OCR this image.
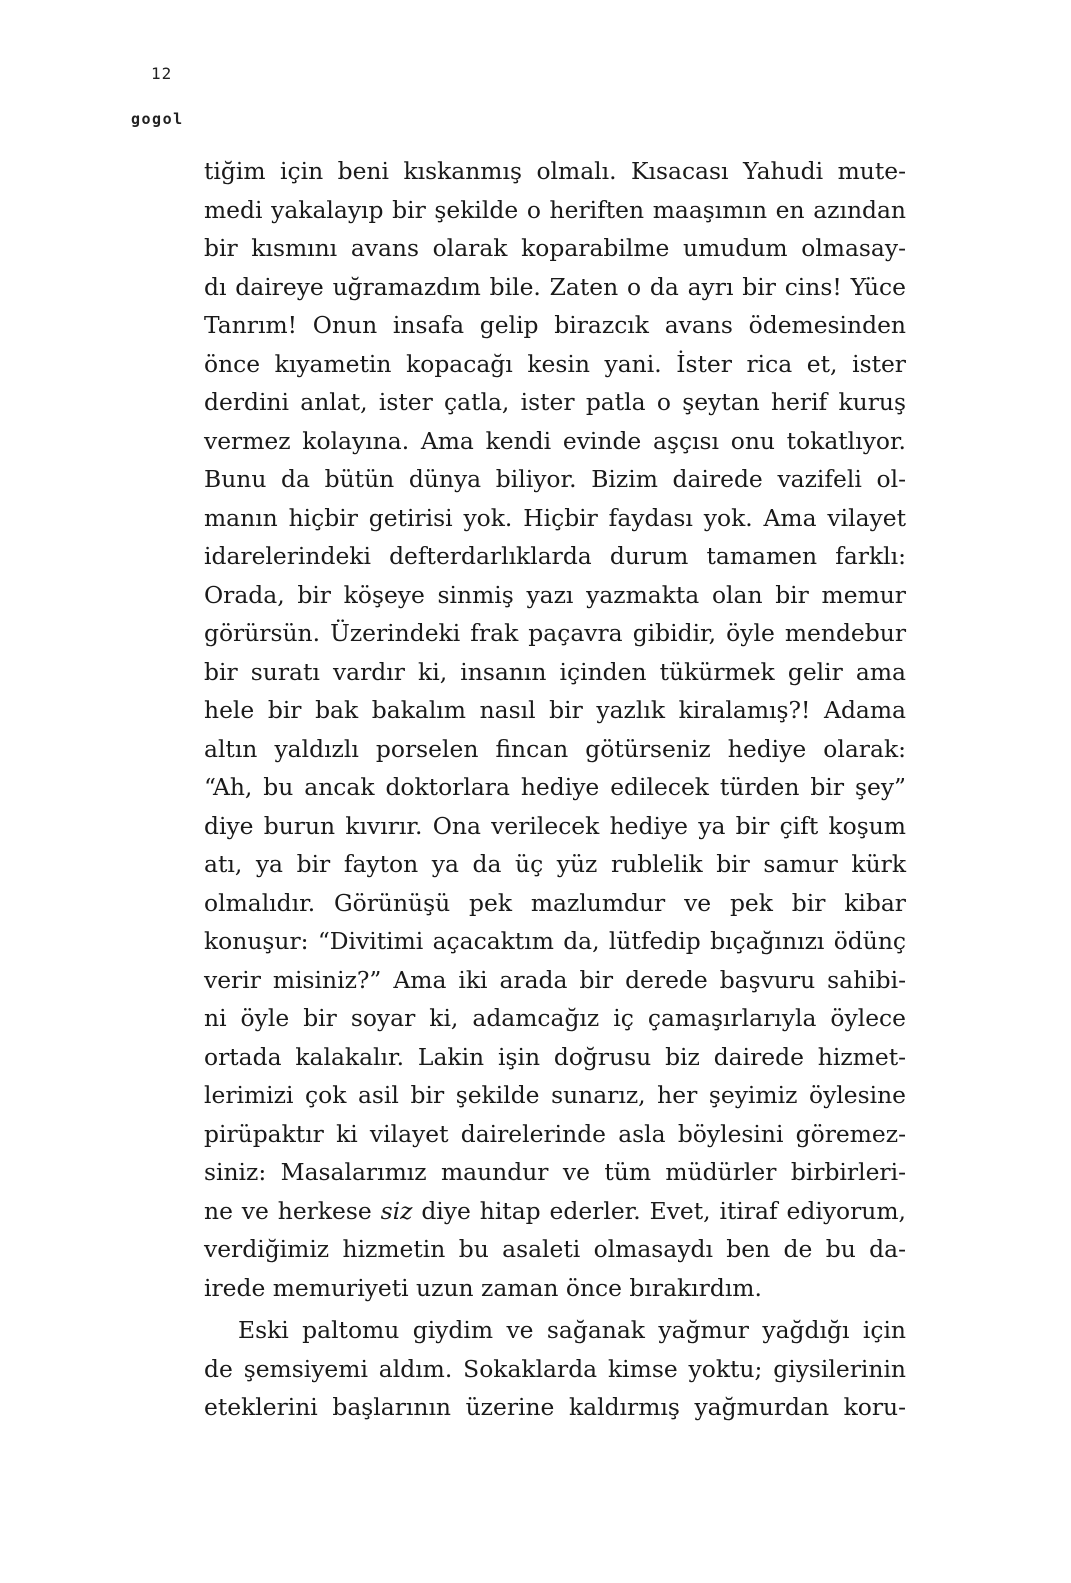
12
gogol
tiğim için beni kıskanmış olmalı. Kısacası Yahudi mute-
medi yakalayıp bir şekilde o heriften maaşımın en azından
bir kısmını avans olarak koparabilme umudum olmasay-
dı daireye uğramazdım bile. Zaten o da ayrı bir cins! Yüce
Tanrım! Onun insafa gelip birazcık avans ödemesinden
önce kıyametin kopacağı kesin yani. İster rica et, ister
derdini anlat, ister çatla, ister patla o şeytan herif kuruş
vermez kolayına. Ama kendi evinde aşçısı onu tokatlıyor.
Bunu da bütün dünya biliyor. Bizim dairede vazifeli ol-
manın hiçbir getirisi yok. Hiçbir faydası yok. Ama vilayet
idarelerindeki defterdarlıklarda durum tamamen farklı:
Orada, bir köşeye sinmiş yazı yazmakta olan bir memur
görürsün. Üzerindeki frak paçavra gibidir, öyle mendebur
bir suratı vardır ki, insanın içinden tükürmek gelir ama
hele bir bak bakalım nasıl bir yazlık kiralamış?! Adama
altın yaldızlı porselen fincan götürseniz hediye olarak:
“Ah, bu ancak doktorlara hediye edilecek türden bir şey”
diye burun kıvırır. Ona verilecek hediye ya bir çift koşum
atı, ya bir fayton ya da üç yüz rublelik bir samur kürk
olmalıdır. Görünüşü pek mazlumdur ve pek bir kibar
konuşur: “Divitimi açacaktım da, lütfedip bıçağınızı ödünç
verir misiniz?” Ama iki arada bir derede başvuru sahibi-
ni öyle bir soyar ki, adamcağız iç çamaşırlarıyla öylece
ortada kalakalır. Lakin işin doğrusu biz dairede hizmet-
lerimizi çok asil bir şekilde sunarız, her şeyimiz öylesine
pirüpaktır ki vilayet dairelerinde asla böylesini göremez-
siniz: Masalarımız maundur ve tüm müdürler birbirleri-
ne ve herkese siz diye hitap ederler. Evet, itiraf ediyorum,
verdiğimiz hizmetin bu asaleti olmasaydı ben de bu da-
irede memuriyeti uzun zaman önce bırakırdım.
Eski paltomu giydim ve sağanak yağmur yağdığı için
de şemsiyemi aldım. Sokaklarda kimse yoktu; giysilerinin
eteklerini başlarının üzerine kaldırmış yağmurdan koru-
